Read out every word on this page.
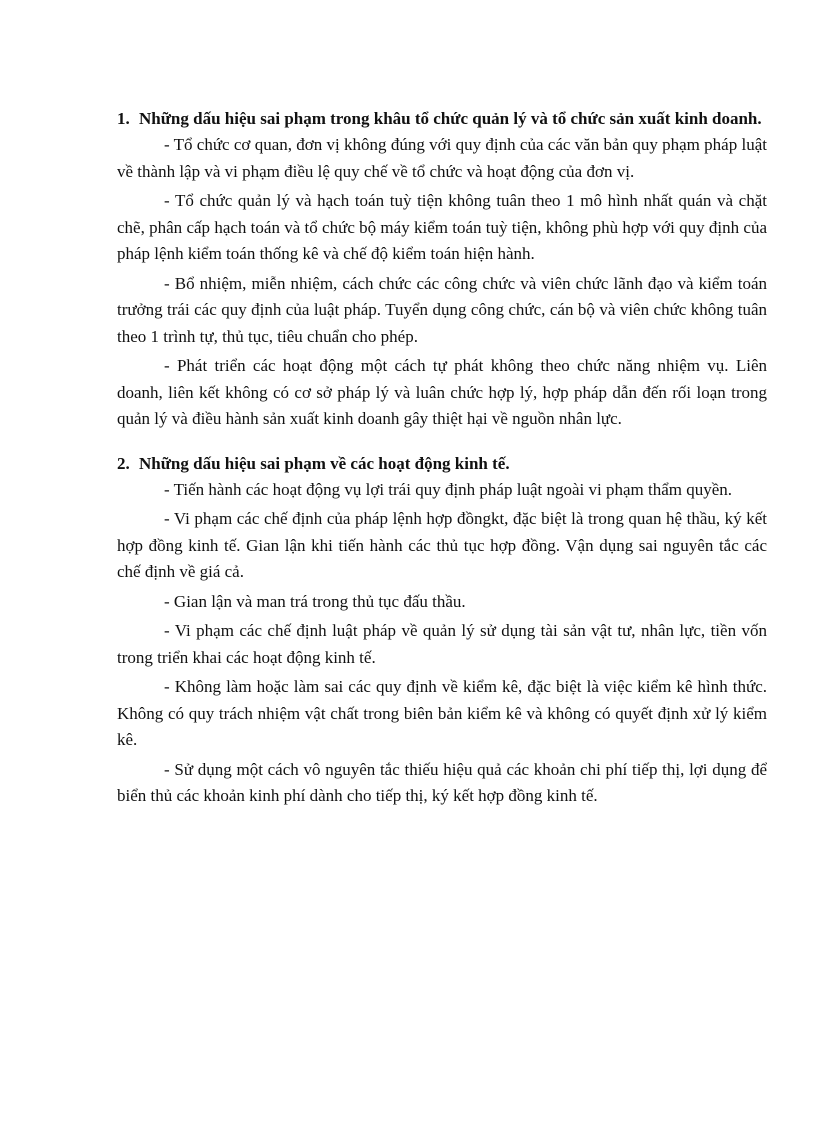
1. Những dấu hiệu sai phạm trong khâu tổ chức quản lý và tổ chức sản xuất kinh doanh.

- Tổ chức cơ quan, đơn vị không đúng với quy định của các văn bản quy phạm pháp luật về thành lập và vi phạm điều lệ quy chế về tổ chức và hoạt động của đơn vị.

- Tổ chức quản lý và hạch toán tuỳ tiện không tuân theo 1 mô hình nhất quán và chặt chẽ, phân cấp hạch toán và tổ chức bộ máy kiểm toán tuỳ tiện, không phù hợp với quy định của pháp lệnh kiểm toán thống kê và chế độ kiểm toán hiện hành.

- Bổ nhiệm, miễn nhiệm, cách chức các công chức và viên chức lãnh đạo và kiểm toán trưởng trái các quy định của luật pháp. Tuyển dụng công chức, cán bộ và viên chức không tuân theo 1 trình tự, thủ tục, tiêu chuẩn cho phép.

- Phát triển các hoạt động một cách tự phát không theo chức năng nhiệm vụ. Liên doanh, liên kết không có cơ sở pháp lý và luân chức hợp lý, hợp pháp dẫn đến rối loạn trong quản lý và điều hành sản xuất kinh doanh gây thiệt hại về nguồn nhân lực.

2. Những dấu hiệu sai phạm về các hoạt động kinh tế.

- Tiến hành các hoạt động vụ lợi trái quy định pháp luật ngoài vi phạm thẩm quyền.

- Vi phạm các chế định của pháp lệnh hợp đồngkt, đặc biệt là trong quan hệ thầu, ký kết hợp đồng kinh tế. Gian lận khi tiến hành các thủ tục hợp đồng. Vận dụng sai nguyên tắc các chế định về giá cả.

- Gian lận và man trá trong thủ tục đấu thầu.

- Vi phạm các chế định luật pháp về quản lý sử dụng tài sản vật tư, nhân lực, tiền vốn trong triển khai các hoạt động kinh tế.

- Không làm hoặc làm sai các quy định về kiểm kê, đặc biệt là việc kiểm kê hình thức. Không có quy trách nhiệm vật chất trong biên bản kiểm kê và không có quyết định xử lý kiểm kê.

- Sử dụng một cách vô nguyên tắc thiếu hiệu quả các khoản chi phí tiếp thị, lợi dụng để biển thủ các khoản kinh phí dành cho tiếp thị, ký kết hợp đồng kinh tế.
